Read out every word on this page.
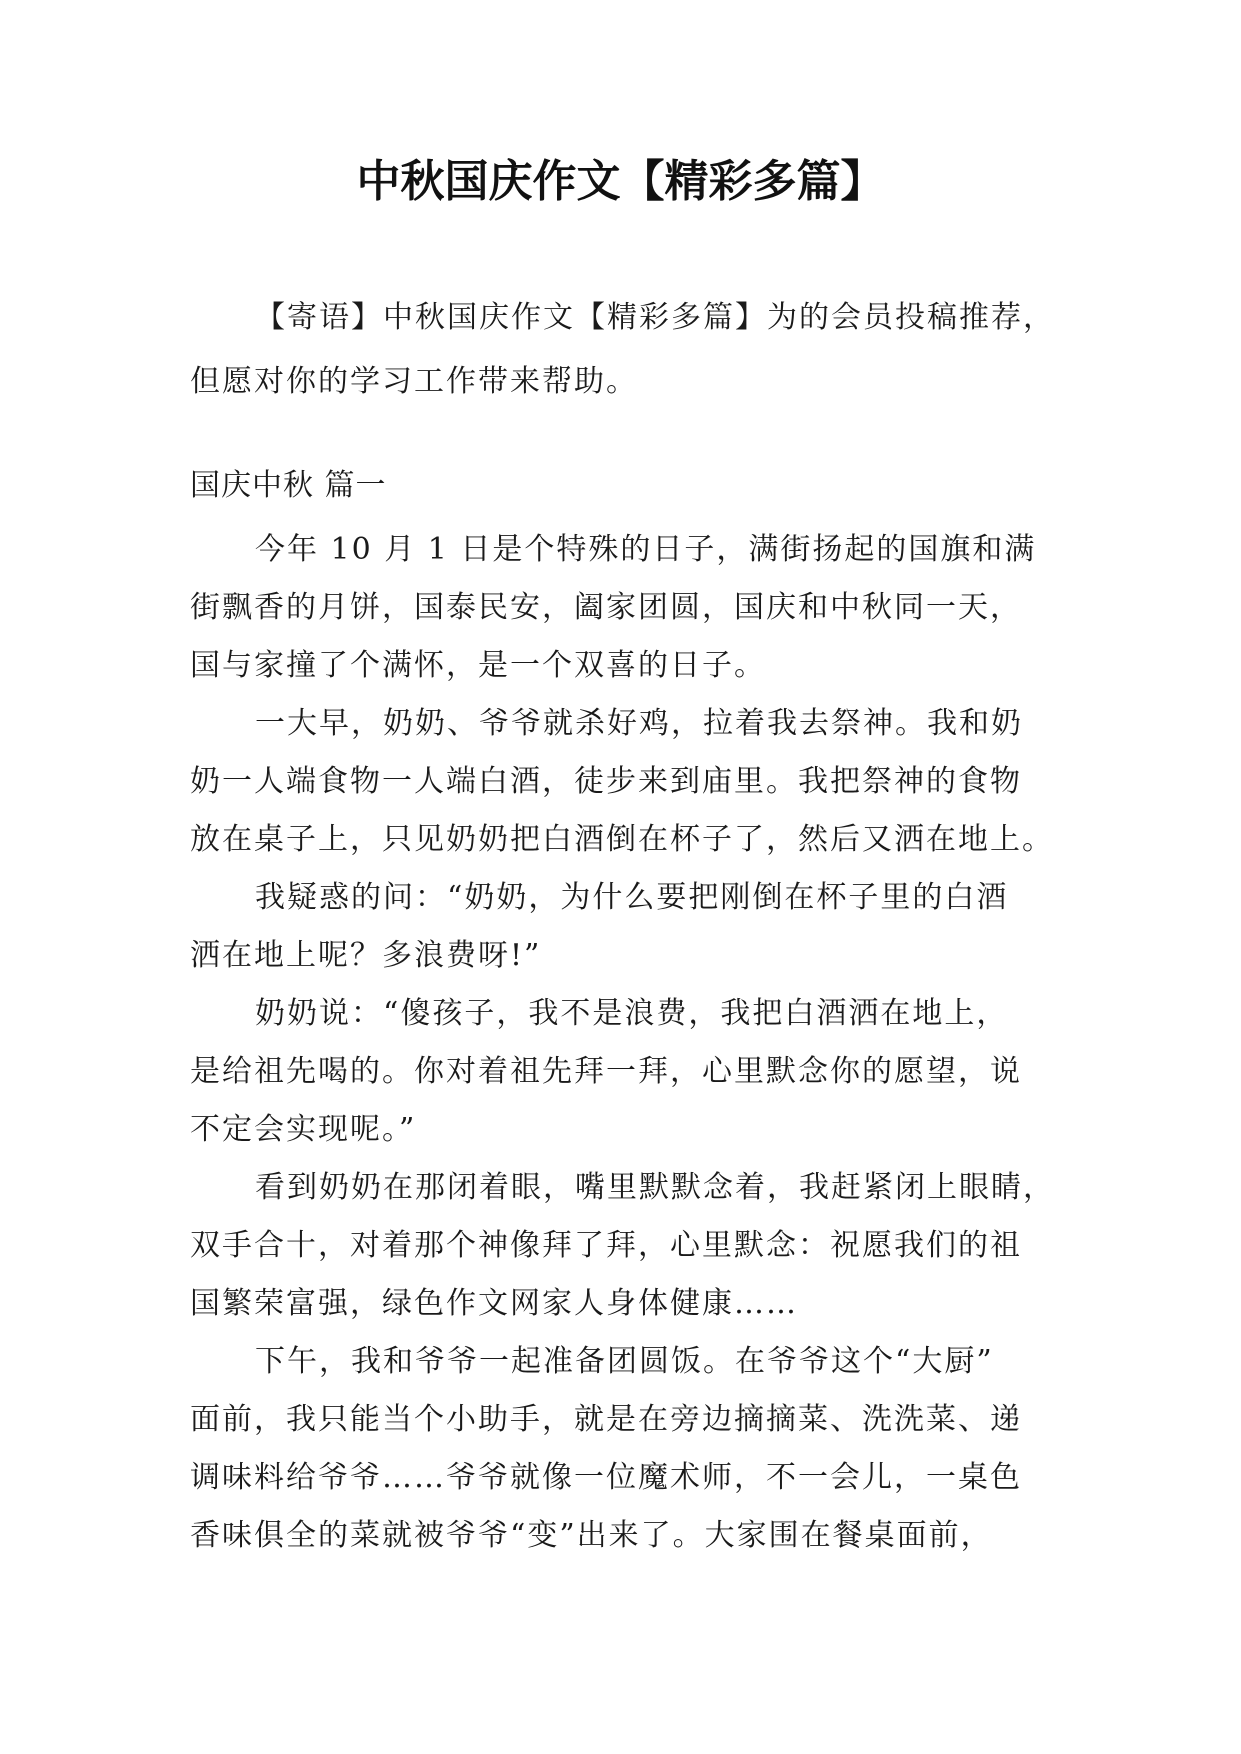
中秋国庆作文【精彩多篇】
【寄语】中秋国庆作文【精彩多篇】为的会员投稿推荐，
但愿对你的学习工作带来帮助。
国庆中秋 篇一
今年 10 月 1 日是个特殊的日子，满街扬起的国旗和满
街飘香的月饼，国泰民安，阖家团圆，国庆和中秋同一天，
国与家撞了个满怀，是一个双喜的日子。
一大早，奶奶、爷爷就杀好鸡，拉着我去祭神。我和奶
奶一人端食物一人端白酒，徒步来到庙里。我把祭神的食物
放在桌子上，只见奶奶把白酒倒在杯子了，然后又洒在地上。
我疑惑的问：“奶奶，为什么要把刚倒在杯子里的白酒
洒在地上呢？多浪费呀!”
奶奶说：“傻孩子，我不是浪费，我把白酒洒在地上，
是给祖先喝的。你对着祖先拜一拜，心里默念你的愿望，说
不定会实现呢。”
看到奶奶在那闭着眼，嘴里默默念着，我赶紧闭上眼睛，
双手合十，对着那个神像拜了拜，心里默念：祝愿我们的祖
国繁荣富强，绿色作文网家人身体健康……
下午，我和爷爷一起准备团圆饭。在爷爷这个“大厨”
面前，我只能当个小助手，就是在旁边摘摘菜、洗洗菜、递
调味料给爷爷……爷爷就像一位魔术师，不一会儿，一桌色
香味俱全的菜就被爷爷“变”出来了。大家围在餐桌面前，
